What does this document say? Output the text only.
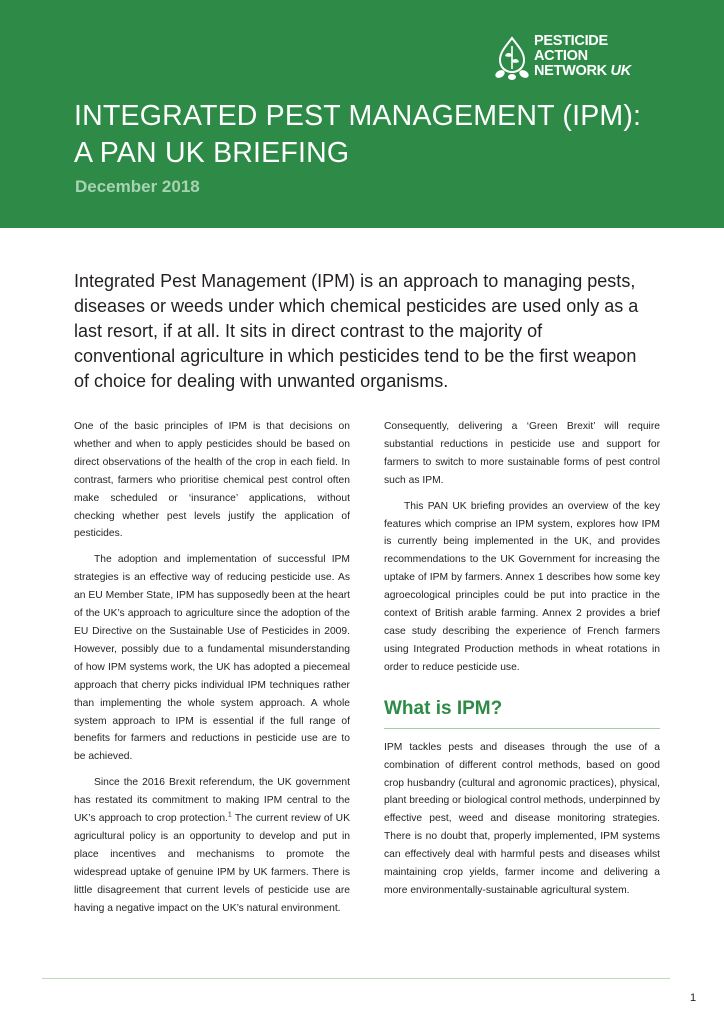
PESTICIDE
ACTION
NETWORK UK
INTEGRATED PEST MANAGEMENT (IPM):
A PAN UK BRIEFING
December 2018

Integrated Pest Management (IPM) is an approach to managing pests, diseases or weeds under which chemical pesticides are used only as a last resort, if at all. It sits in direct contrast to the majority of conventional agriculture in which pesticides tend to be the first weapon of choice for dealing with unwanted organisms.

One of the basic principles of IPM is that decisions on whether and when to apply pesticides should be based on direct observations of the health of the crop in each field. In contrast, farmers who prioritise chemical pest control often make scheduled or ‘insurance’ applications, without checking whether pest levels justify the application of pesticides.

The adoption and implementation of successful IPM strategies is an effective way of reducing pesticide use. As an EU Member State, IPM has supposedly been at the heart of the UK’s approach to agriculture since the adoption of the EU Directive on the Sustainable Use of Pesticides in 2009. However, possibly due to a fundamental misunderstanding of how IPM systems work, the UK has adopted a piecemeal approach that cherry picks individual IPM techniques rather than implementing the whole system approach. A whole system approach to IPM is essential if the full range of benefits for farmers and reductions in pesticide use are to be achieved.

Since the 2016 Brexit referendum, the UK government has restated its commitment to making IPM central to the UK’s approach to crop protection.$^1$ The current review of UK agricultural policy is an opportunity to develop and put in place incentives and mechanisms to promote the widespread uptake of genuine IPM by UK farmers. There is little disagreement that current levels of pesticide use are having a negative impact on the UK’s natural environment.

Consequently, delivering a ‘Green Brexit’ will require substantial reductions in pesticide use and support for farmers to switch to more sustainable forms of pest control such as IPM.

This PAN UK briefing provides an overview of the key features which comprise an IPM system, explores how IPM is currently being implemented in the UK, and provides recommendations to the UK Government for increasing the uptake of IPM by farmers. Annex 1 describes how some key agroecological principles could be put into practice in the context of British arable farming. Annex 2 provides a brief case study describing the experience of French farmers using Integrated Production methods in wheat rotations in order to reduce pesticide use.

What is IPM?

IPM tackles pests and diseases through the use of a combination of different control methods, based on good crop husbandry (cultural and agronomic practices), physical, plant breeding or biological control methods, underpinned by effective pest, weed and disease monitoring strategies. There is no doubt that, properly implemented, IPM systems can effectively deal with harmful pests and diseases whilst maintaining crop yields, farmer income and delivering a more environmentally-sustainable agricultural system.

1
